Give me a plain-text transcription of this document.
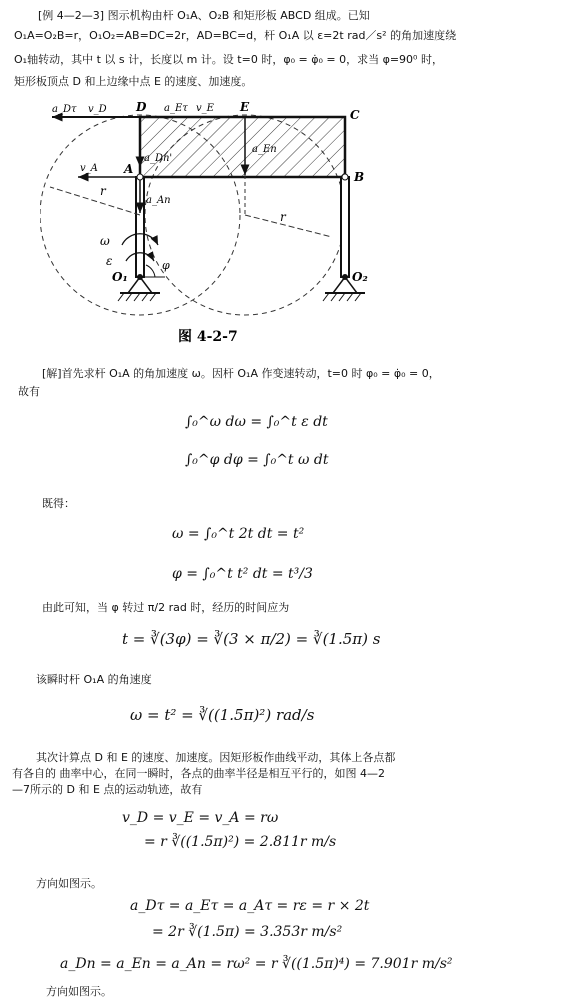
[例 4—2—3] 图示机构由杆 O₁A、O₂B 和矩形板 ABCD 组成。已知
O₁A=O₂B=r，O₁O₂=AB=DC=2r，AD=BC=d，杆 O₁A 以 ε=2t rad／s² 的角加速度绕
O₁轴转动，其中 t 以 s 计，长度以 m 计。设 t=0 时，φ₀ = φ̇₀ = 0，求当 φ=90⁰ 时，
矩形板顶点 D 和上边缘中点 E 的速度、加速度。
a_Dτ v_D D a_Eτ v_E E
C
a_En
a_Dn'
A
B
v_A
a_An
r
r
ω
ε	φ
O₁	O₂
图 4-2-7
[解]首先求杆 O₁A 的角加速度 ω。因杆 O₁A 作变速转动，t=0 时 φ₀ = φ̇₀ = 0，
故有
∫₀^ω dω = ∫₀^t ε dt
∫₀^φ dφ = ∫₀^t ω dt
既得：
ω = ∫₀^t 2t dt = t²
φ = ∫₀^t t² dt = t³/3
由此可知，当 φ 转过 π/2 rad 时，经历的时间应为
t = ∛(3φ) = ∛(3 × π/2) = ∛(1.5π) s
该瞬时杆 O₁A 的角速度
ω = t² = ∛((1.5π)²) rad/s
其次计算点 D 和 E 的速度、加速度。因矩形板作曲线平动，其体上各点都
有各自的 曲率中心，在同一瞬时，各点的曲率半径是相互平行的，如图 4—2
—7所示的 D 和 E 点的运动轨迹，故有
v_D = v_E = v_A = rω
= r ∛((1.5π)²) = 2.811r m/s
方向如图示。
a_Dτ = a_Eτ = a_Aτ = rε = r × 2t
= 2r ∛(1.5π) = 3.353r m/s²
a_Dn = a_En = a_An = rω² = r ∛((1.5π)⁴) = 7.901r m/s²
方向如图示。
